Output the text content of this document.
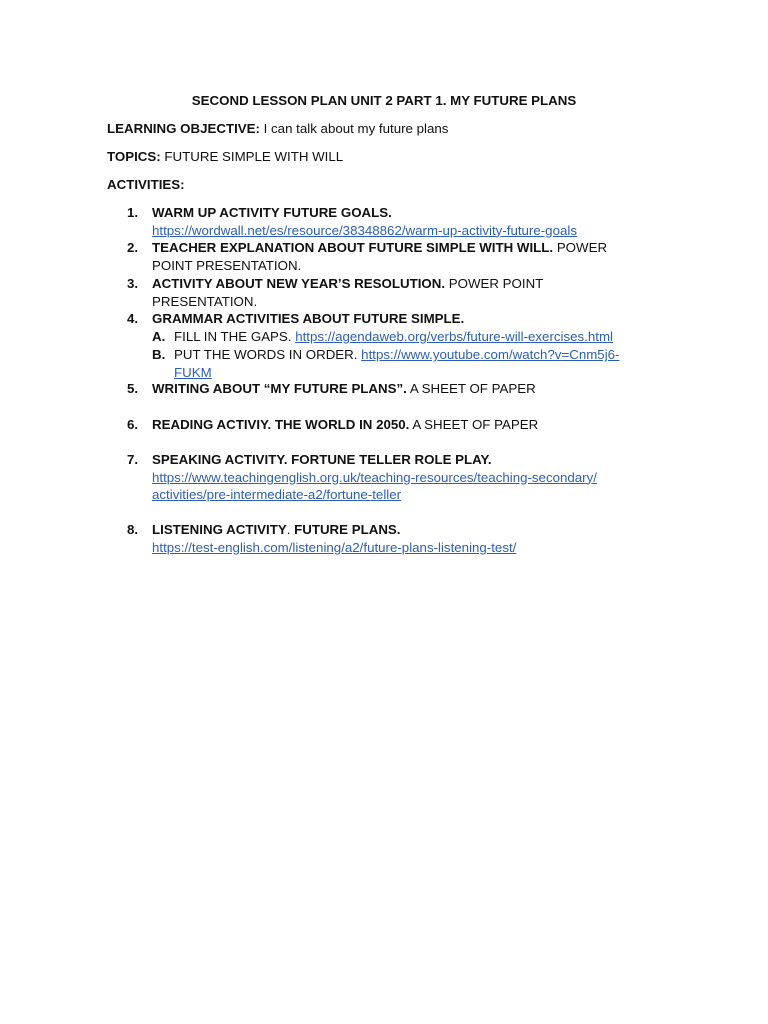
SECOND LESSON PLAN UNIT 2 PART 1. MY FUTURE PLANS
LEARNING OBJECTIVE: I can talk about my future plans
TOPICS: FUTURE SIMPLE WITH WILL
ACTIVITIES:
1.	WARM UP ACTIVITY FUTURE GOALS.
https://wordwall.net/es/resource/38348862/warm-up-activity-future-goals
2.	TEACHER EXPLANATION ABOUT FUTURE SIMPLE WITH WILL. POWER
POINT PRESENTATION.
3.	ACTIVITY ABOUT NEW YEAR’S RESOLUTION. POWER POINT
PRESENTATION.
4.	GRAMMAR ACTIVITIES ABOUT FUTURE SIMPLE.
A. FILL IN THE GAPS. https://agendaweb.org/verbs/future-will-exercises.html
B. PUT THE WORDS IN ORDER. https://www.youtube.com/watch?v=Cnm5j6-
FUKM
5.	WRITING ABOUT “MY FUTURE PLANS”. A SHEET OF PAPER
6.	READING ACTIVIY. THE WORLD IN 2050. A SHEET OF PAPER
7.	SPEAKING ACTIVITY. FORTUNE TELLER ROLE PLAY.
https://www.teachingenglish.org.uk/teaching-resources/teaching-secondary/
activities/pre-intermediate-a2/fortune-teller
8.	LISTENING ACTIVITY. FUTURE PLANS.
https://test-english.com/listening/a2/future-plans-listening-test/
